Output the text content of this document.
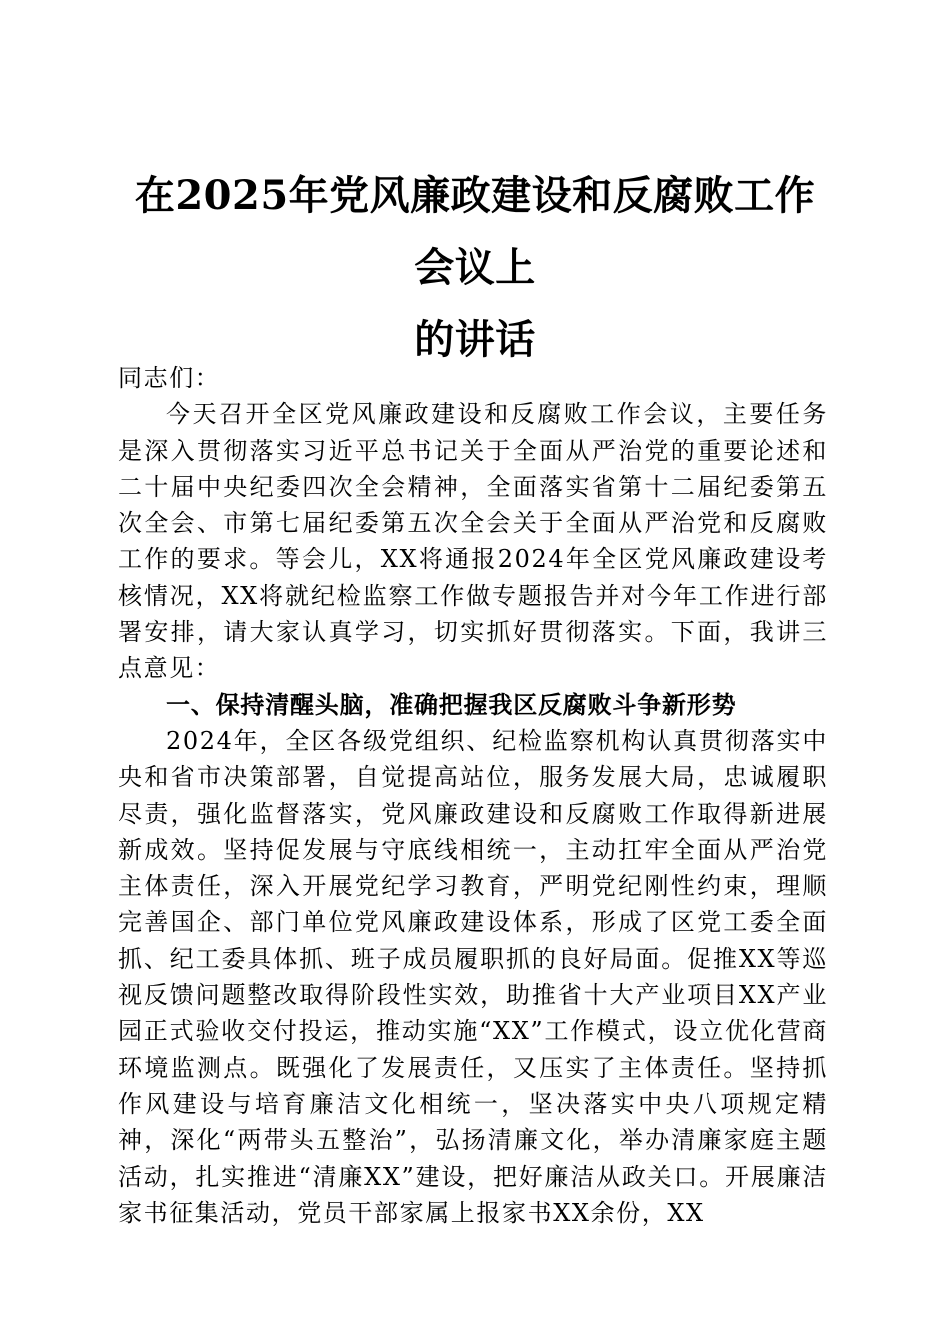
在2025年党风廉政建设和反腐败工作会议上
的讲话

同志们：

今天召开全区党风廉政建设和反腐败工作会议，主要任务是深入贯彻落实习近平总书记关于全面从严治党的重要论述和二十届中央纪委四次全会精神，全面落实省第十二届纪委第五次全会、市第七届纪委第五次全会关于全面从严治党和反腐败工作的要求。等会儿，XX将通报2024年全区党风廉政建设考核情况，XX将就纪检监察工作做专题报告并对今年工作进行部署安排，请大家认真学习，切实抓好贯彻落实。下面，我讲三点意见：

一、保持清醒头脑，准确把握我区反腐败斗争新形势

2024年，全区各级党组织、纪检监察机构认真贯彻落实中央和省市决策部署，自觉提高站位，服务发展大局，忠诚履职尽责，强化监督落实，党风廉政建设和反腐败工作取得新进展新成效。坚持促发展与守底线相统一，主动扛牢全面从严治党主体责任，深入开展党纪学习教育，严明党纪刚性约束，理顺完善国企、部门单位党风廉政建设体系，形成了区党工委全面抓、纪工委具体抓、班子成员履职抓的良好局面。促推XX等巡视反馈问题整改取得阶段性实效，助推省十大产业项目XX产业园正式验收交付投运，推动实施“XX”工作模式，设立优化营商环境监测点。既强化了发展责任，又压实了主体责任。坚持抓作风建设与培育廉洁文化相统一，坚决落实中央八项规定精神，深化“两带头五整治”，弘扬清廉文化，举办清廉家庭主题活动，扎实推进“清廉XX”建设，把好廉洁从政关口。开展廉洁家书征集活动，党员干部家属上报家书XX余份，XX
